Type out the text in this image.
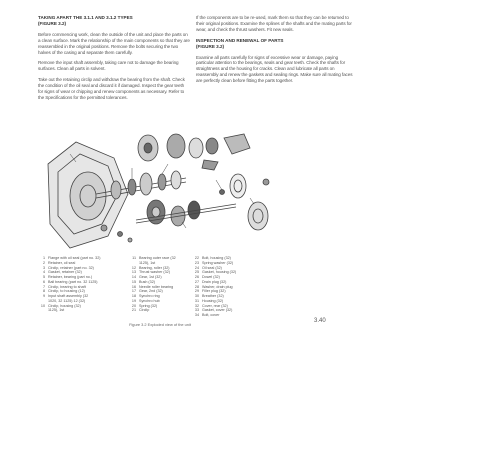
TAKING APART THE 3.1.1 AND 3.1.2 TYPES
(FIGURE 3.2)

Before commencing work, clean the outside of the unit and place the parts on a clean surface. Mark the relationship of the main components so that they are reassembled in the original positions. Remove the bolts securing the two halves of the casing and separate them carefully.

Remove the input shaft assembly, taking care not to damage the bearing surfaces. Clean all parts in solvent.

Take out the retaining circlip and withdraw the bearing from the shaft. Check the condition of the oil seal and discard it if damaged. Inspect the gear teeth for signs of wear or chipping and renew components as necessary. Refer to the Specifications for the permitted tolerances.

If the components are to be re-used, mark them so that they can be returned to their original positions. Examine the splines of the shafts and the mating parts for wear, and check the thrust washers. Fit new seals.

INSPECTION AND RENEWAL OF PARTS
(FIGURE 3.2)

Examine all parts carefully for signs of excessive wear or damage, paying particular attention to the bearings, seals and gear teeth. Check the shafts for straightness and the housing for cracks. Clean and lubricate all parts on reassembly and renew the gaskets and sealing rings. Make sure all mating faces are perfectly clean before fitting the parts together.

1 Flange with oil seal (part no. 32)
2 Retainer, oil seal
3 Circlip, retainer (part no. 32)
4 Gasket, retainer (32)
5 Retainer, bearing (part no.)
6 Ball bearing (part no. 32 1125)
7 Circlip, bearing to shaft
8 Circlip, to housing (12)
9 Input shaft assembly (32
1020, 32 1125) 12 (32)
10 Circlip, housing (32)
1125), 1st
11 Bearing outer race (32
1125), 1st
12 Bearing, roller (32)
13 Thrust washer (32)
14 Gear, 1st (32)
15 Bush (32)
16 Needle roller bearing
17 Gear, 2nd (32)
18 Synchro ring
19 Synchro hub
20 Spring (32)
21 Circlip
22 Bolt, housing (32)
23 Spring washer (32)
24 Oil seal (32)
25 Gasket, housing (32)
26 Dowel (32)
27 Drain plug (32)
28 Washer, drain plug
29 Filler plug (32)
30 Breather (32)
31 Housing (32)
32 Cover, rear (32)
33 Gasket, cover (32)
34 Bolt, cover
Figure 3.2 Exploded view of the unit
3.40
